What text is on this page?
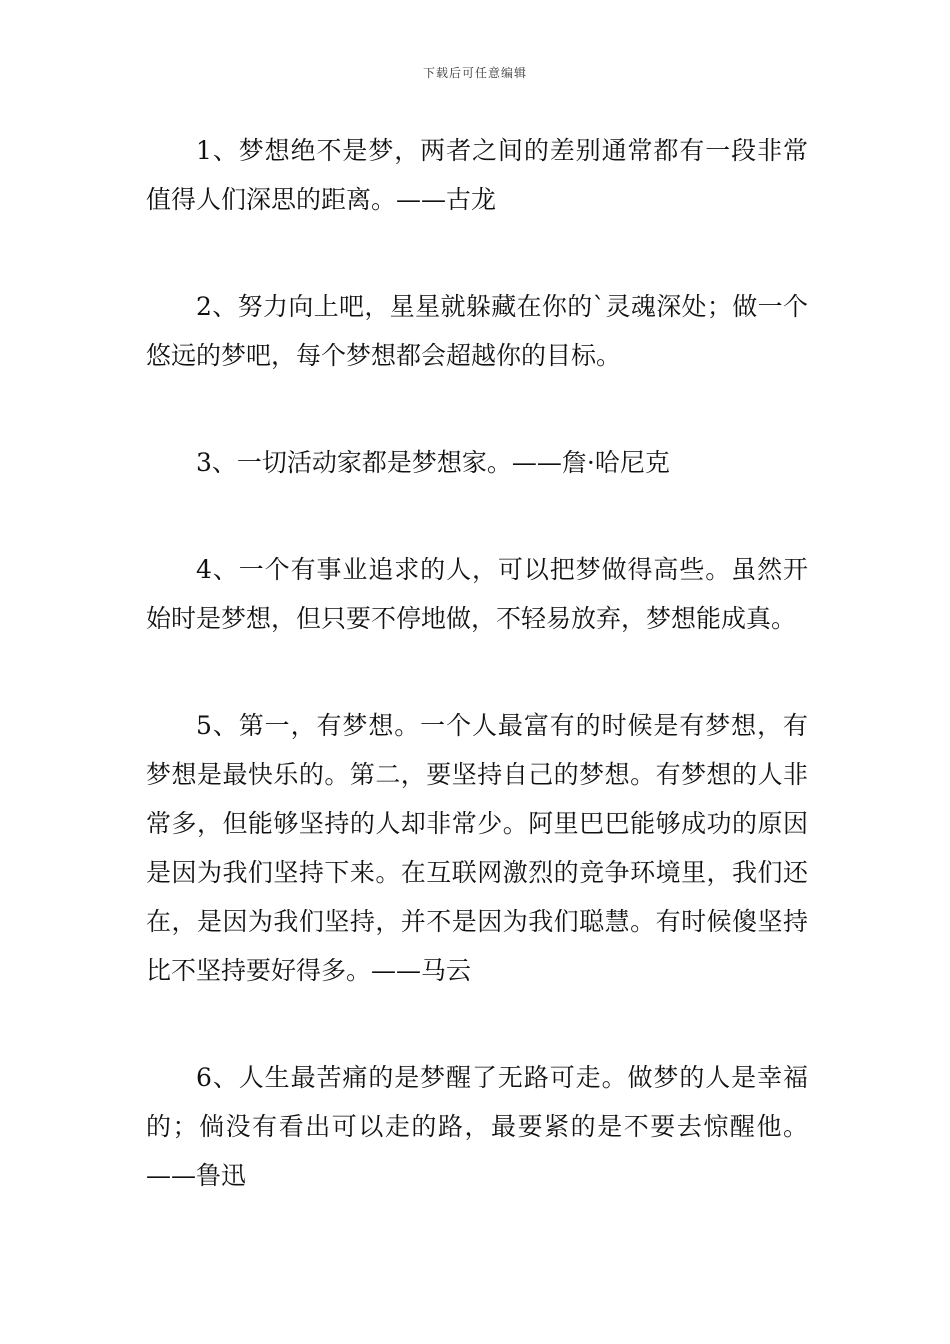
下载后可任意编辑

1、梦想绝不是梦，两者之间的差别通常都有一段非常值得人们深思的距离。——古龙

2、努力向上吧，星星就躲藏在你的`灵魂深处；做一个悠远的梦吧，每个梦想都会超越你的目标。

3、一切活动家都是梦想家。——詹·哈尼克

4、一个有事业追求的人，可以把梦做得高些。虽然开始时是梦想，但只要不停地做，不轻易放弃，梦想能成真。

5、第一，有梦想。一个人最富有的时候是有梦想，有梦想是最快乐的。第二，要坚持自己的梦想。有梦想的人非常多，但能够坚持的人却非常少。阿里巴巴能够成功的原因是因为我们坚持下来。在互联网激烈的竞争环境里，我们还在，是因为我们坚持，并不是因为我们聪慧。有时候傻坚持比不坚持要好得多。——马云

6、人生最苦痛的是梦醒了无路可走。做梦的人是幸福的；倘没有看出可以走的路，最要紧的是不要去惊醒他。——鲁迅
